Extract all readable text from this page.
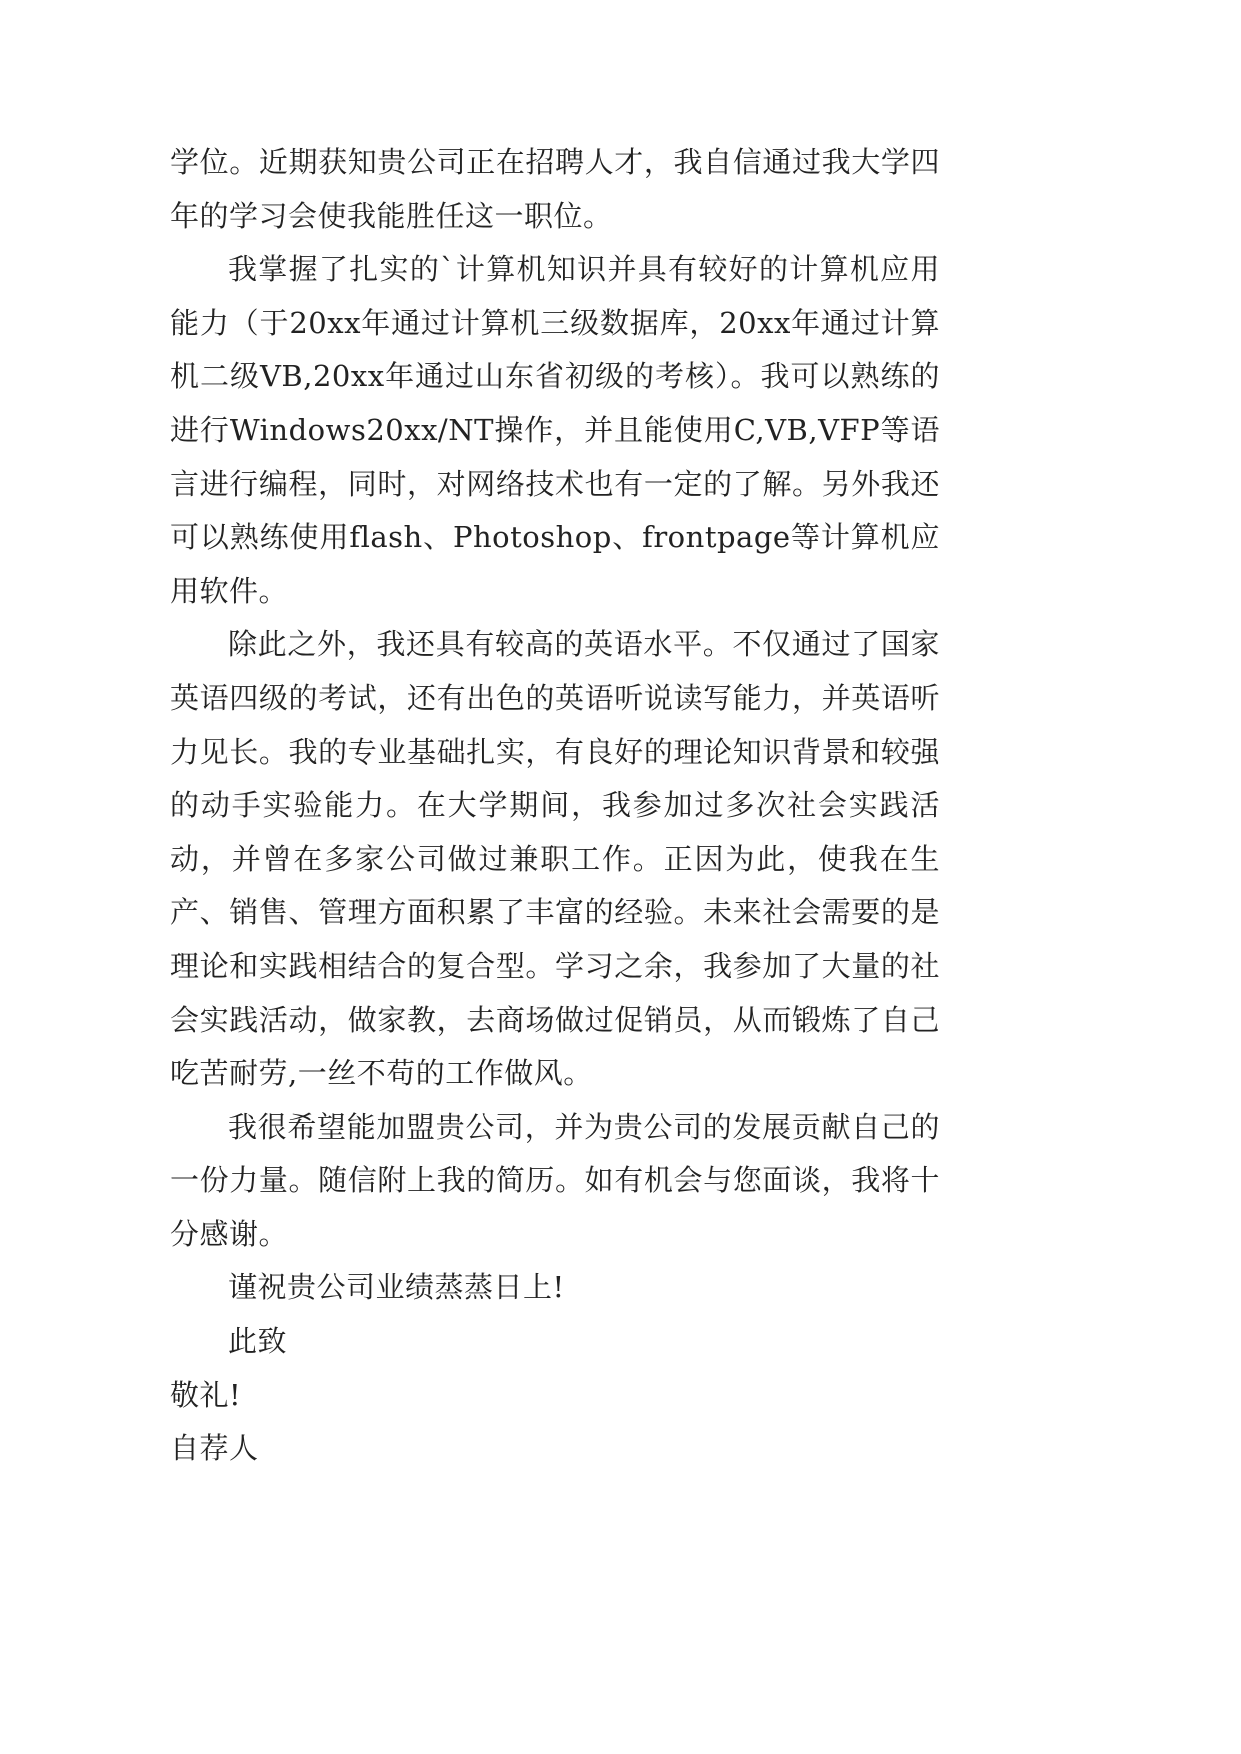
学位。近期获知贵公司正在招聘人才，我自信通过我大学四年的学习会使我能胜任这一职位。

我掌握了扎实的`计算机知识并具有较好的计算机应用能力（于20xx年通过计算机三级数据库，20xx年通过计算机二级VB,20xx年通过山东省初级的考核）。我可以熟练的进行Windows20xx/NT操作，并且能使用C,VB,VFP等语言进行编程，同时，对网络技术也有一定的了解。另外我还可以熟练使用flash、Photoshop、frontpage等计算机应用软件。

除此之外，我还具有较高的英语水平。不仅通过了国家英语四级的考试，还有出色的英语听说读写能力，并英语听力见长。我的专业基础扎实，有良好的理论知识背景和较强的动手实验能力。在大学期间，我参加过多次社会实践活动，并曾在多家公司做过兼职工作。正因为此，使我在生产、销售、管理方面积累了丰富的经验。未来社会需要的是理论和实践相结合的复合型。学习之余，我参加了大量的社会实践活动，做家教，去商场做过促销员，从而锻炼了自己吃苦耐劳,一丝不苟的工作做风。

我很希望能加盟贵公司，并为贵公司的发展贡献自己的一份力量。随信附上我的简历。如有机会与您面谈，我将十分感谢。

谨祝贵公司业绩蒸蒸日上!

此致

敬礼!

自荐人
